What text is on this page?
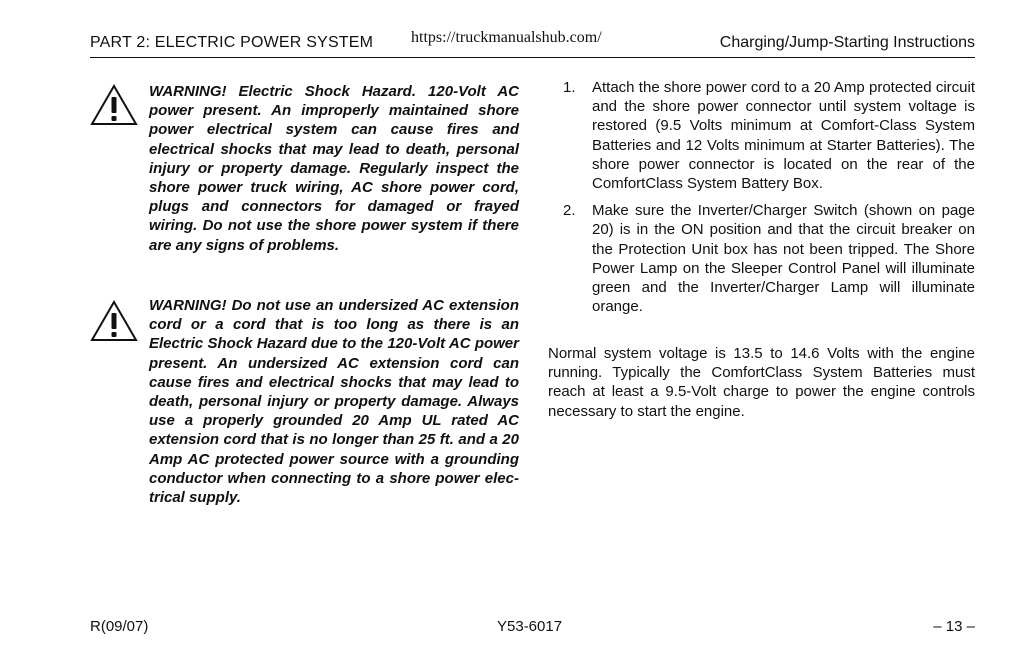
PART 2: ELECTRIC POWER SYSTEM https://truckmanualshub.com/	Charging/Jump-Starting Instructions

WARNING! Electric Shock Hazard. 120-Volt AC power present. An improperly maintained shore power electrical system can cause fires and electrical shocks that may lead to death, personal injury or property damage. Regularly inspect the shore power truck wiring, AC shore power cord, plugs and connectors for damaged or frayed wiring. Do not use the shore power system if there are any signs of problems.

WARNING! Do not use an undersized AC extension cord or a cord that is too long as there is an Electric Shock Hazard due to the 120-Volt AC power present. An undersized AC extension cord can cause fires and electrical shocks that may lead to death, personal injury or property damage. Always use a properly grounded 20 Amp UL rated AC extension cord that is no longer than 25 ft. and a 20 Amp AC protected power source with a grounding conductor when connecting to a shore power electrical supply.

1. Attach the shore power cord to a 20 Amp protected circuit and the shore power connector until system voltage is restored (9.5 Volts minimum at Comfort-Class System Batteries and 12 Volts minimum at Starter Batteries). The shore power connector is located on the rear of the ComfortClass System Battery Box.
2. Make sure the Inverter/Charger Switch (shown on page 20) is in the ON position and that the circuit breaker on the Protection Unit box has not been tripped. The Shore Power Lamp on the Sleeper Control Panel will illuminate green and the Inverter/Charger Lamp will illuminate orange.

Normal system voltage is 13.5 to 14.6 Volts with the engine running. Typically the ComfortClass System Batteries must reach at least a 9.5-Volt charge to power the engine controls necessary to start the engine.

R(09/07)	Y53-6017	– 13 –
